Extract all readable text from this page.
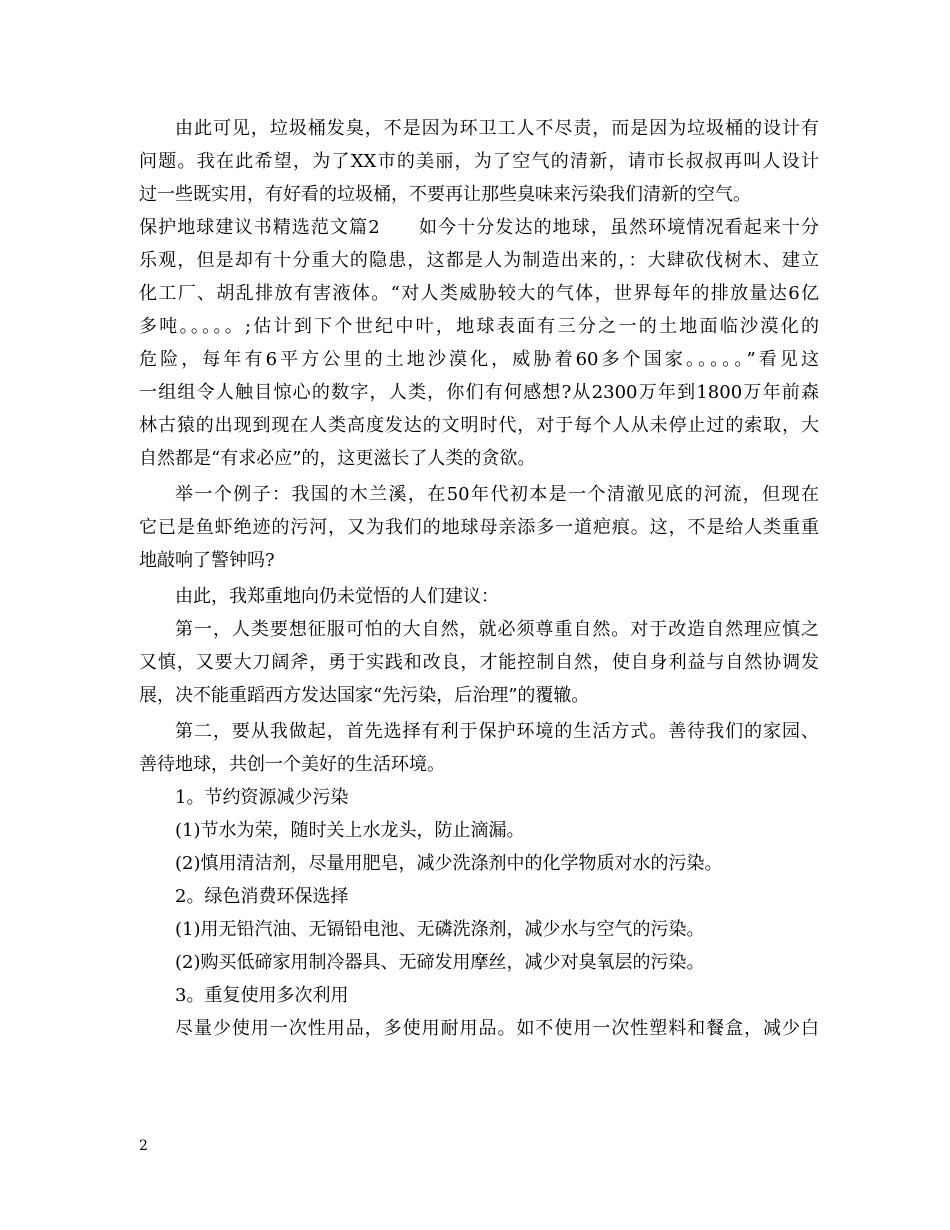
由此可见，垃圾桶发臭，不是因为环卫工人不尽责，而是因为垃圾桶的设计有
问题。我在此希望，为了XX市的美丽，为了空气的清新，请市长叔叔再叫人设计
过一些既实用，有好看的垃圾桶，不要再让那些臭味来污染我们清新的空气。
保护地球建议书精选范文篇2　　如今十分发达的地球，虽然环境情况看起来十分
乐观，但是却有十分重大的隐患，这都是人为制造出来的，：大肆砍伐树木、建立
化工厂、胡乱排放有害液体。“对人类威胁较大的气体，世界每年的排放量达6亿
多吨。。。。。;估计到下个世纪中叶，地球表面有三分之一的土地面临沙漠化的
危险，每年有6平方公里的土地沙漠化，威胁着60多个国家。。。。。”看见这
一组组令人触目惊心的数字，人类，你们有何感想?从2300万年到1800万年前森
林古猿的出现到现在人类高度发达的文明时代，对于每个人从未停止过的索取，大
自然都是“有求必应”的，这更滋长了人类的贪欲。
举一个例子：我国的木兰溪，在50年代初本是一个清澈见底的河流，但现在
它已是鱼虾绝迹的污河，又为我们的地球母亲添多一道疤痕。这，不是给人类重重
地敲响了警钟吗?
由此，我郑重地向仍未觉悟的人们建议：
第一，人类要想征服可怕的大自然，就必须尊重自然。对于改造自然理应慎之
又慎，又要大刀阔斧，勇于实践和改良，才能控制自然，使自身利益与自然协调发
展，决不能重蹈西方发达国家“先污染，后治理”的覆辙。
第二，要从我做起，首先选择有利于保护环境的生活方式。善待我们的家园、
善待地球，共创一个美好的生活环境。
1。节约资源减少污染
(1)节水为荣，随时关上水龙头，防止滴漏。
(2)慎用清洁剂，尽量用肥皂，减少洗涤剂中的化学物质对水的污染。
2。绿色消费环保选择
(1)用无铅汽油、无镉铅电池、无磷洗涤剂，减少水与空气的污染。
(2)购买低碲家用制冷器具、无碲发用摩丝，减少对臭氧层的污染。
3。重复使用多次利用
尽量少使用一次性用品，多使用耐用品。如不使用一次性塑料和餐盒，减少白
2
